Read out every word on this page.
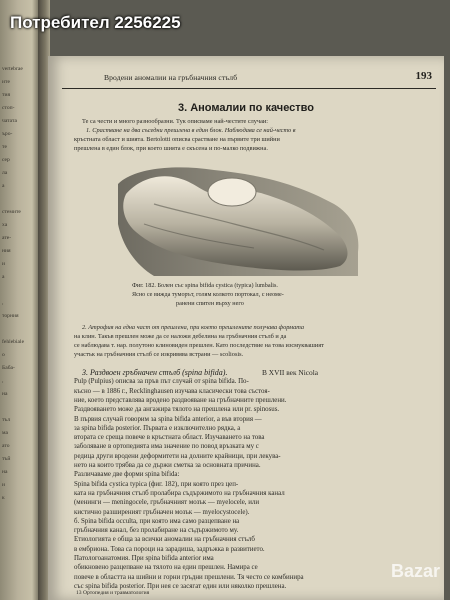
vertebrae
ите
тия
стоп-
чатата
ъро-
те
сер
ла
а
стемите
ха
ате-
ния
и
а
,
торния
fehlebiale
о
Баба-
,
на
тъл
ма
ато
тъй
на
и
к
Вродени аномалии на гръбначния стълб	193
3. Аномалии по качество
Те са чести и много разнообразни. Тук описваме най-честите случаи:
1. Срастване на два съседни прешлена в един блок. Наблюдава се най-често в
кръстната област и шията. Bertolotti описва срастване на първите три шийни
прешлена в един блок, при което шията е скъсена и по-малко подвижна.
Фиг. 182. Болен със spina bifida cystica (typica) lumbalis.
Ясно се вижда туморът, голям колкото портокал, с неоме-
ранени спитен върху него
2. Атрофия на една част от прешлена, при което прешлените получава формата
на клин. Такъв прешлен може да се наложи дебелина на гръбначния стълб и да
се наблюдава т. нар. полутоно клиновиден прешлен. Като последствие на това изсмуквашият
участък на гръбначния стълб се изкривява встрани — scoliosis.
3. Раздвоен гръбначен стълб (spina bifida).	В XVII век Nicola
Pulp (Pulpius) описва за пръв път случай от spina bifida. По-
късно — в 1886 г., Recklinghausen изучава класически това състоя-
ние, което представлява вродено раздвояване на гръбначните прешлени.
Раздвояването може да ангажира тялото на прешлена или pr. spinosus.
В първия случай говорим за spina bifida anterior, а във втория —
за spina bifida posterior. Първата е изключително рядка, а
втората се среща повече в кръстната област. Изучаването на това
заболяване в ортопедията има значение по повод връзката му с
редица други вродени деформитети на долните крайници, при лекува-
нето на които трябва да се държи сметка за основната причина.
Различаваме две форми spina bifida:
Spina bifida cystica typica (фиг. 182), при която през цеп-
ката на гръбначния стълб пролабира съдържимото на гръбначния канал
(менинги — meningocele, гръбначният мозък — myelocele, или
кистично разширеният гръбначен мозък — myelocystocele).
б. Spina bifida occulta, при която има само разцепване на
гръбначния канал, без пролабиране на съдържимото му.
Етиологията е обща за всички аномалии на гръбначния стълб
в ембриона. Това са пороци на зарадиша, задръжка в развитието.
Патологоанатомия. При spina bifida anterior има
обикновено разцепване на тялото на един прешлен. Намира се
повече в областта на шийни и горни гръдни прешлени. Тя често се комбинира
със spina bifida posterior. При нея се засягат един или няколко прешлена.
13 Ортопедия и травматология
Потребител 2256225
Bazar
